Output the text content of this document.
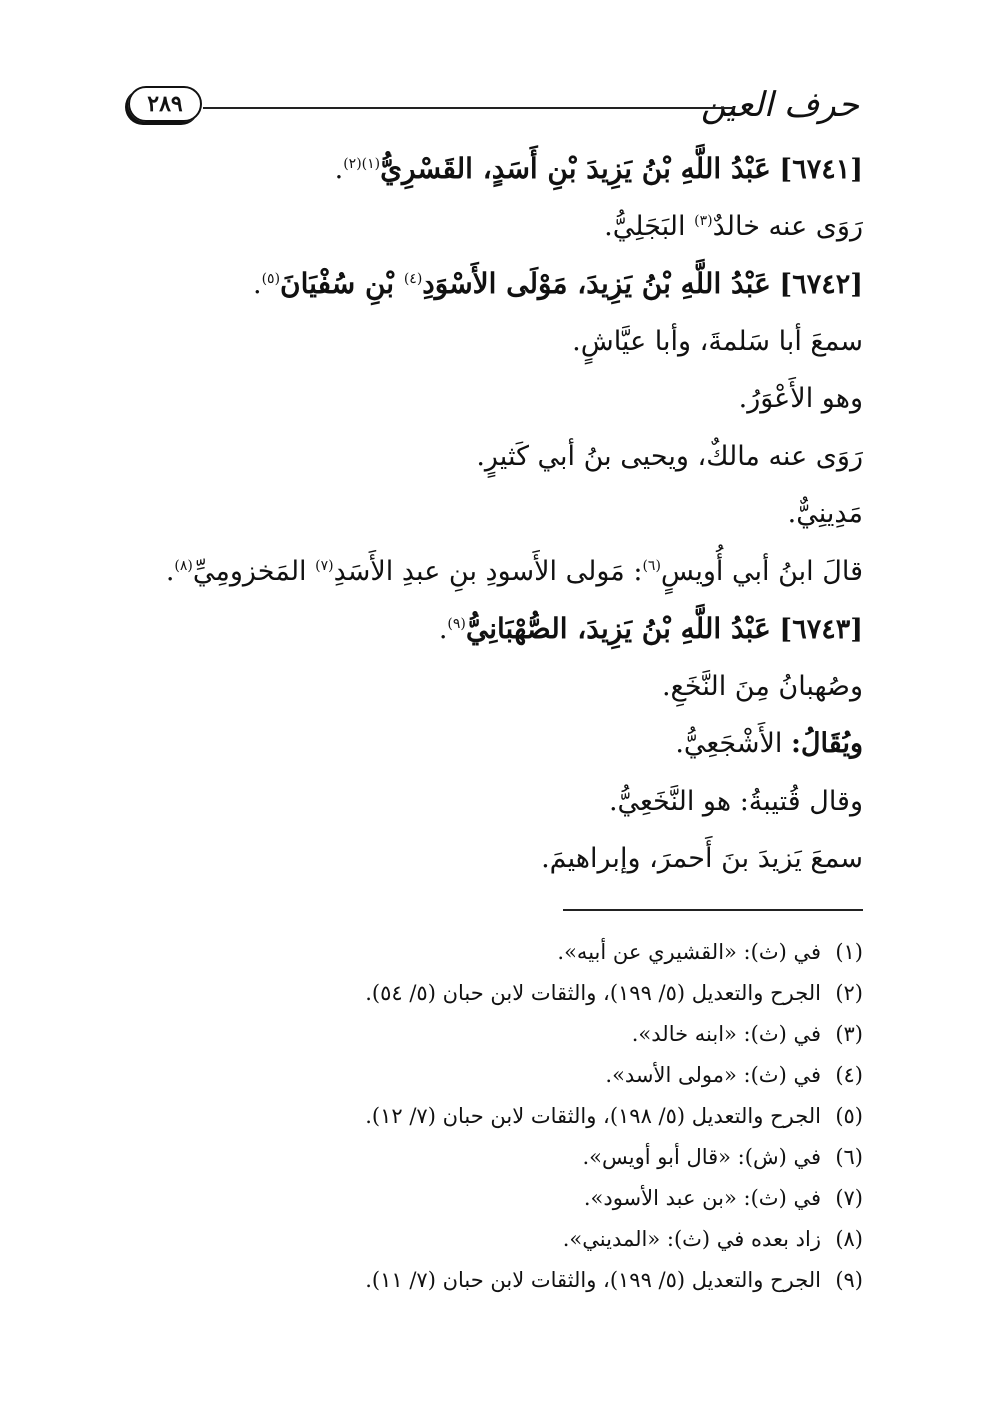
حرف العين
٢٨٩
[٦٧٤١] عَبْدُ اللَّهِ بْنُ يَزِيدَ بْنِ أَسَدٍ، القَسْرِيُّ$^{(١)(٢)}$.
رَوَى عنه خالدٌ$^{(٣)}$ البَجَلِيُّ.
[٦٧٤٢] عَبْدُ اللَّهِ بْنُ يَزِيدَ، مَوْلَى الأَسْوَدِ$^{(٤)}$ بْنِ سُفْيَانَ$^{(٥)}$.
سمعَ أبا سَلمةَ، وأبا عيَّاشٍ.
وهو الأَعْوَرُ.
رَوَى عنه مالكٌ، ويحيى بنُ أبي كَثيرٍ.
مَدِينِيٌّ.
قالَ ابنُ أبي أُويسٍ$^{(٦)}$: مَولى الأَسودِ بنِ عبدِ الأَسَدِ$^{(٧)}$ المَخزومِيِّ$^{(٨)}$.
[٦٧٤٣] عَبْدُ اللَّهِ بْنُ يَزِيدَ، الصُّهْبَانِيُّ$^{(٩)}$.
وصُهبانُ مِنَ النَّخَعِ.
ويُقَالُ: الأَشْجَعِيُّ.
وقال قُتيبةُ: هو النَّخَعِيُّ.
سمعَ يَزيدَ بنَ أَحمرَ، وإبراهيمَ.
(١)في (ث): «القشيري عن أبيه».
(٢)الجرح والتعديل (٥/ ١٩٩)، والثقات لابن حبان (٥/ ٥٤).
(٣)في (ث): «ابنه خالد».
(٤)في (ث): «مولى الأسد».
(٥)الجرح والتعديل (٥/ ١٩٨)، والثقات لابن حبان (٧/ ١٢).
(٦)في (ش): «قال أبو أويس».
(٧)في (ث): «بن عبد الأسود».
(٨)زاد بعده في (ث): «المديني».
(٩)الجرح والتعديل (٥/ ١٩٩)، والثقات لابن حبان (٧/ ١١).
